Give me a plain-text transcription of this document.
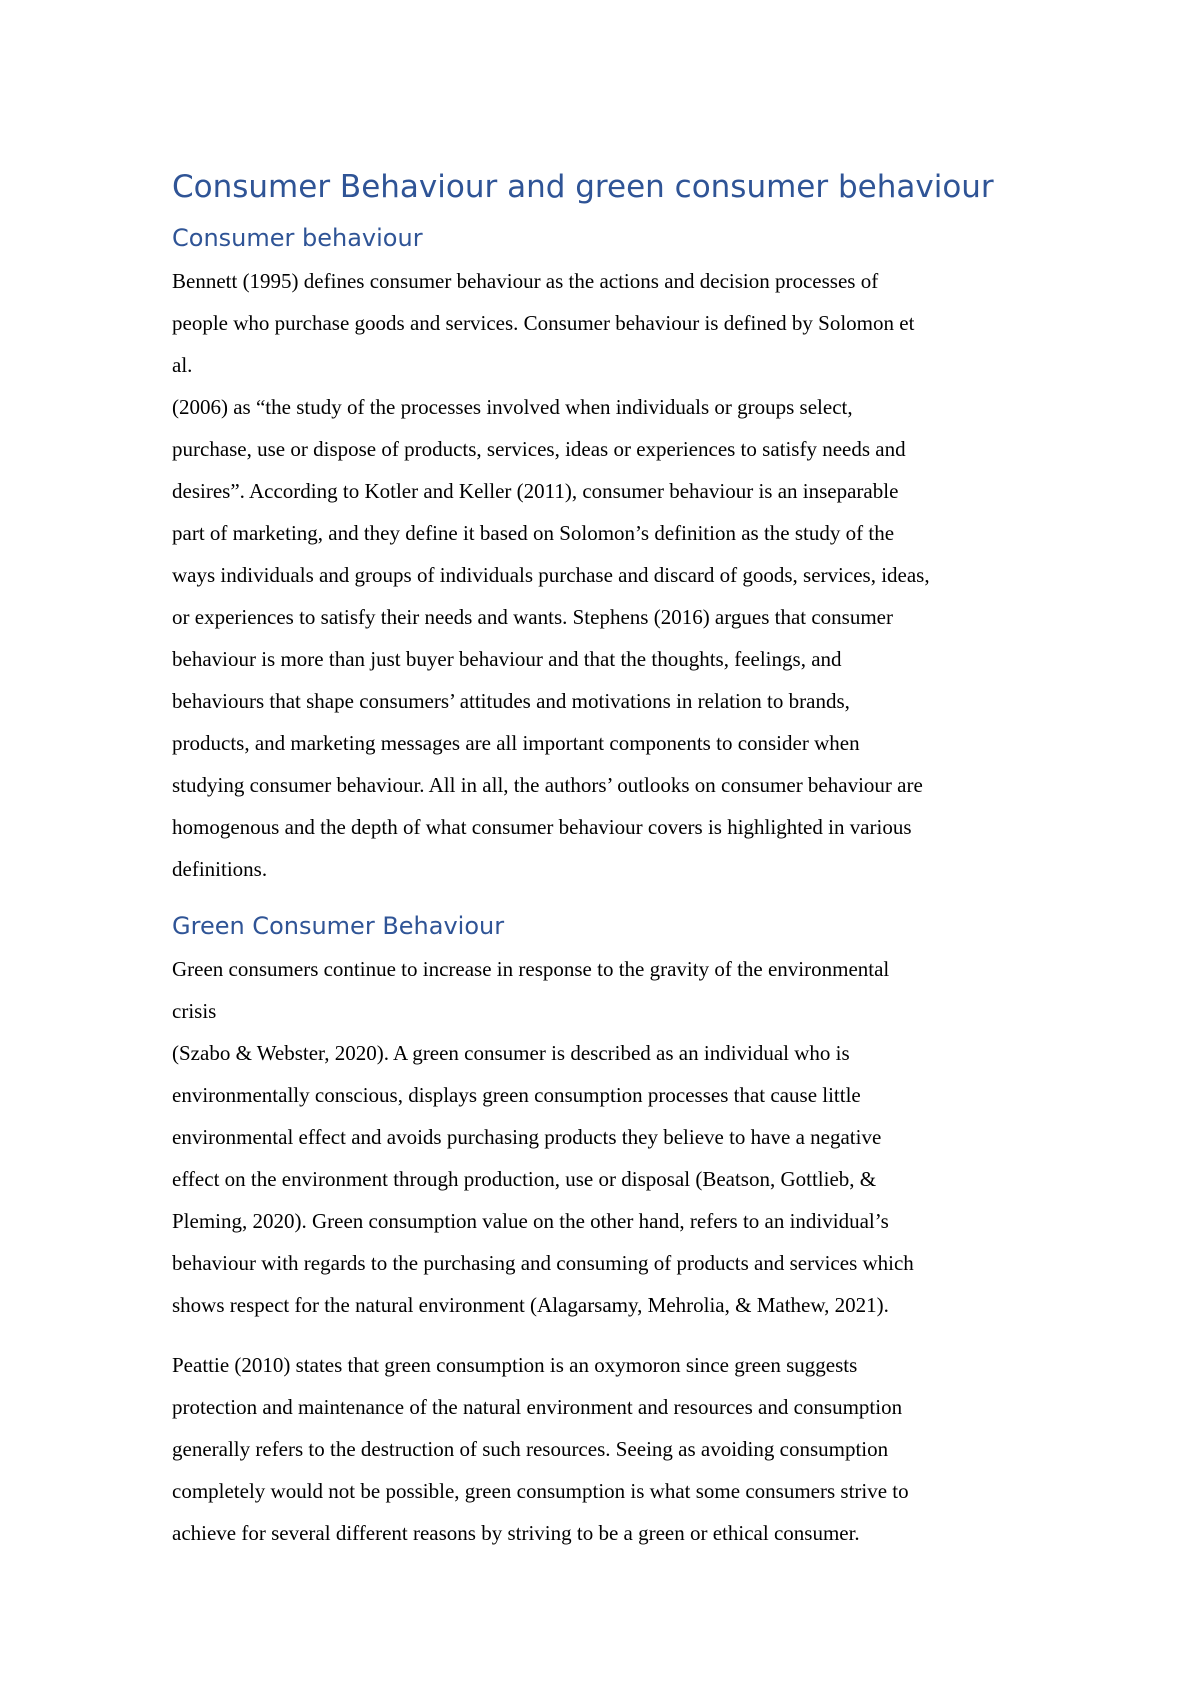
Consumer Behaviour and green consumer behaviour
Consumer behaviour

Bennett (1995) defines consumer behaviour as the actions and decision processes of
people who purchase goods and services. Consumer behaviour is defined by Solomon et
al.
(2006) as “the study of the processes involved when individuals or groups select,
purchase, use or dispose of products, services, ideas or experiences to satisfy needs and
desires”. According to Kotler and Keller (2011), consumer behaviour is an inseparable
part of marketing, and they define it based on Solomon’s definition as the study of the
ways individuals and groups of individuals purchase and discard of goods, services, ideas,
or experiences to satisfy their needs and wants. Stephens (2016) argues that consumer
behaviour is more than just buyer behaviour and that the thoughts, feelings, and
behaviours that shape consumers’ attitudes and motivations in relation to brands,
products, and marketing messages are all important components to consider when
studying consumer behaviour. All in all, the authors’ outlooks on consumer behaviour are
homogenous and the depth of what consumer behaviour covers is highlighted in various
definitions.

Green Consumer Behaviour

Green consumers continue to increase in response to the gravity of the environmental
crisis
(Szabo & Webster, 2020). A green consumer is described as an individual who is
environmentally conscious, displays green consumption processes that cause little
environmental effect and avoids purchasing products they believe to have a negative
effect on the environment through production, use or disposal (Beatson, Gottlieb, &
Pleming, 2020). Green consumption value on the other hand, refers to an individual’s
behaviour with regards to the purchasing and consuming of products and services which
shows respect for the natural environment (Alagarsamy, Mehrolia, & Mathew, 2021).

Peattie (2010) states that green consumption is an oxymoron since green suggests
protection and maintenance of the natural environment and resources and consumption
generally refers to the destruction of such resources. Seeing as avoiding consumption
completely would not be possible, green consumption is what some consumers strive to
achieve for several different reasons by striving to be a green or ethical consumer.
